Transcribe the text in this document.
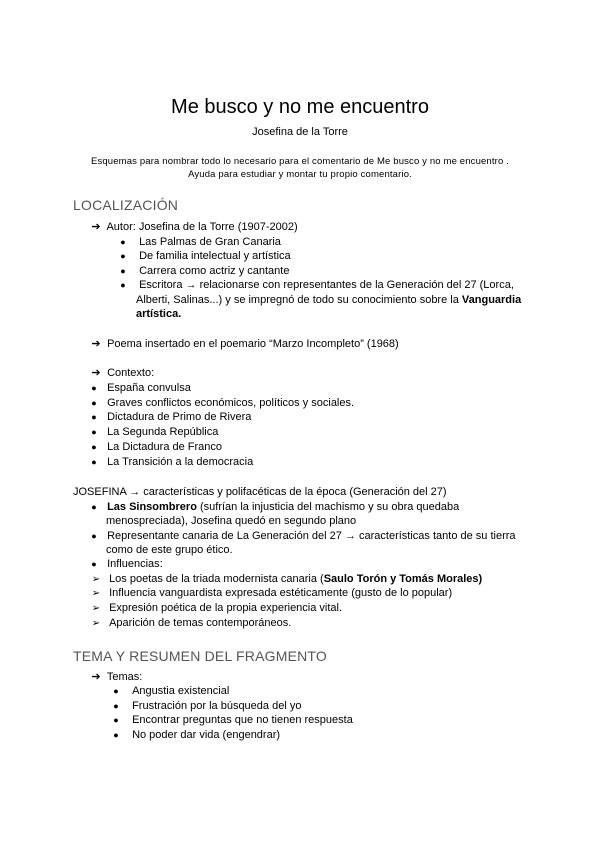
Me busco y no me encuentro
Josefina de la Torre
Esquemas para nombrar todo lo necesario para el comentario de Me busco y no me encuentro .
Ayuda para estudiar y montar tu propio comentario.
LOCALIZACIÓN
➔ Autor: Josefina de la Torre (1907-2002)
● Las Palmas de Gran Canaria
● De familia intelectual y artística
● Carrera como actriz y cantante
● Escritora → relacionarse con representantes de la Generación del 27 (Lorca,
Alberti, Salinas...) y se impregnó de todo su conocimiento sobre la Vanguardia
artística.
➔ Poema insertado en el poemario “Marzo Incompleto” (1968)
➔ Contexto:
● España convulsa
● Graves conflictos económicos, políticos y sociales.
● Dictadura de Primo de Rivera
● La Segunda República
● La Dictadura de Franco
● La Transición a la democracia
JOSEFINA → características y polifacéticas de la época (Generación del 27)
● Las Sinsombrero (sufrían la injusticia del machismo y su obra quedaba
menospreciada), Josefina quedó en segundo plano
● Representante canaria de La Generación del 27 → características tanto de su tierra
como de este grupo ético.
● Influencias:
➢ Los poetas de la triada modernista canaria (Saulo Torón y Tomás Morales)
➢ Influencia vanguardista expresada estéticamente (gusto de lo popular)
➢ Expresión poética de la propia experiencia vital.
➢ Aparición de temas contemporáneos.
TEMA Y RESUMEN DEL FRAGMENTO
➔ Temas:
● Angustia existencial
● Frustración por la búsqueda del yo
● Encontrar preguntas que no tienen respuesta
● No poder dar vida (engendrar)
